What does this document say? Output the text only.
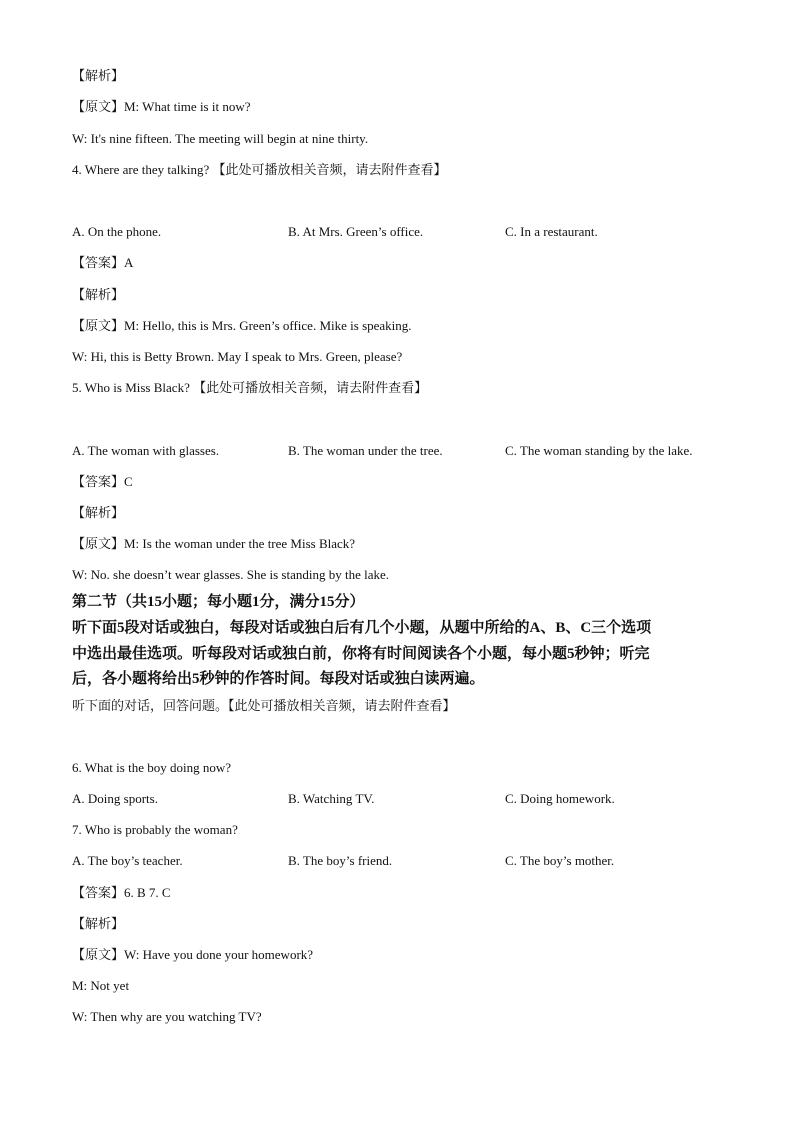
【解析】

【原文】M: What time is it now?

W: It's nine fifteen. The meeting will begin at nine thirty.

4. Where are they talking? 【此处可播放相关音频，请去附件查看】

A. On the phone.	B. At Mrs. Green’s office.	C. In a restaurant.

【答案】A

【解析】

【原文】M: Hello, this is Mrs. Green’s office. Mike is speaking.

W: Hi, this is Betty Brown. May I speak to Mrs. Green, please?

5. Who is Miss Black? 【此处可播放相关音频，请去附件查看】

A. The woman with glasses.	B. The woman under the tree.	C. The woman standing by the lake.

【答案】C

【解析】

【原文】M: Is the woman under the tree Miss Black?

W: No. she doesn’t wear glasses. She is standing by the lake.

第二节（共15小题；每小题1分，满分15分）

听下面5段对话或独白，每段对话或独白后有几个小题，从题中所给的A、B、C三个选项

中选出最佳选项。听每段对话或独白前，你将有时间阅读各个小题，每小题5秒钟；听完

后，各小题将给出5秒钟的作答时间。每段对话或独白读两遍。

听下面的对话，回答问题。【此处可播放相关音频，请去附件查看】

6. What is the boy doing now?

A. Doing sports.	B. Watching TV.	C. Doing homework.

7. Who is probably the woman?

A. The boy’s teacher.	B. The boy’s friend.	C. The boy’s mother.

【答案】6. B 7. C

【解析】

【原文】W: Have you done your homework?

M: Not yet

W: Then why are you watching TV?
